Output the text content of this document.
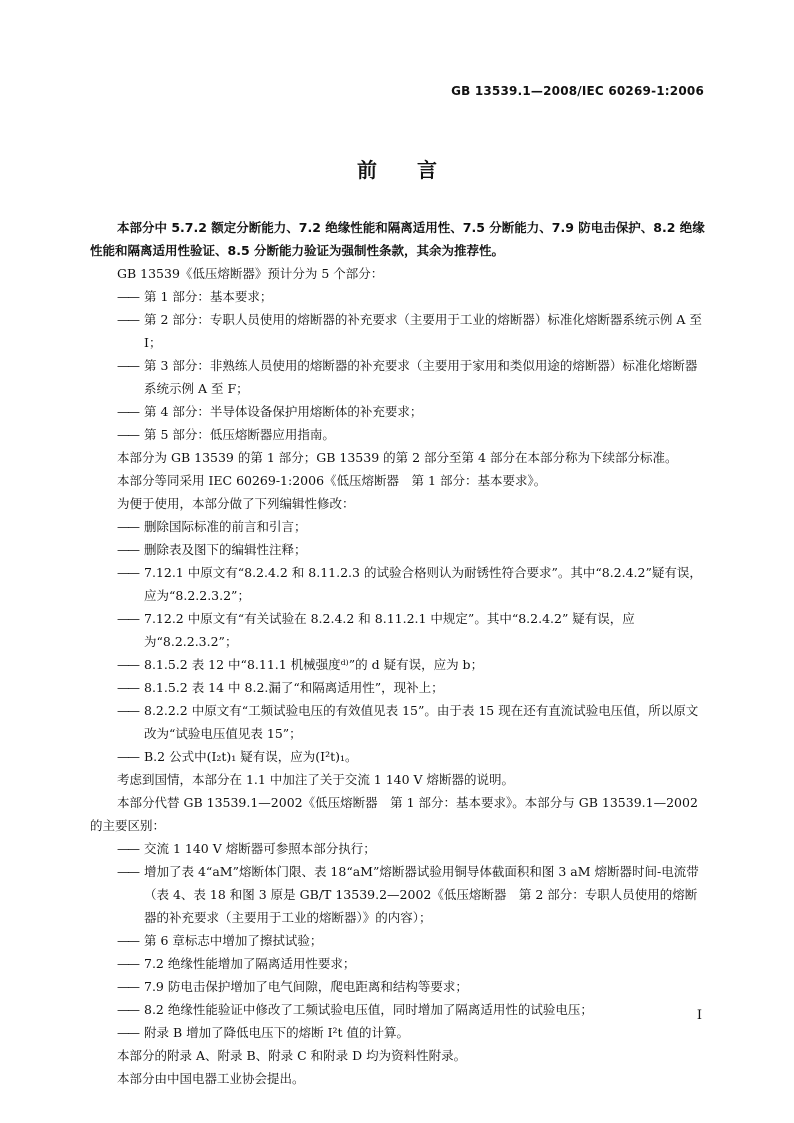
GB 13539.1—2008/IEC 60269-1:2006
前言

本部分中 5.7.2 额定分断能力、7.2 绝缘性能和隔离适用性、7.5 分断能力、7.9 防电击保护、8.2 绝缘性能和隔离适用性验证、8.5 分断能力验证为强制性条款，其余为推荐性。

GB 13539《低压熔断器》预计分为 5 个部分：

—— 第 1 部分：基本要求；

—— 第 2 部分：专职人员使用的熔断器的补充要求（主要用于工业的熔断器）标准化熔断器系统示例 A 至 I；

—— 第 3 部分：非熟练人员使用的熔断器的补充要求（主要用于家用和类似用途的熔断器）标准化熔断器系统示例 A 至 F；

—— 第 4 部分：半导体设备保护用熔断体的补充要求；

—— 第 5 部分：低压熔断器应用指南。

本部分为 GB 13539 的第 1 部分；GB 13539 的第 2 部分至第 4 部分在本部分称为下续部分标准。

本部分等同采用 IEC 60269-1:2006《低压熔断器　第 1 部分：基本要求》。

为便于使用，本部分做了下列编辑性修改：

—— 删除国际标准的前言和引言；

—— 删除表及图下的编辑性注释；

—— 7.12.1 中原文有“8.2.4.2 和 8.11.2.3 的试验合格则认为耐锈性符合要求”。其中“8.2.4.2”疑有误，应为“8.2.2.3.2”；

—— 7.12.2 中原文有“有关试验在 8.2.4.2 和 8.11.2.1 中规定”。其中“8.2.4.2” 疑有误，应为“8.2.2.3.2”；

—— 8.1.5.2 表 12 中“8.11.1 机械强度ᵈ⁾”的 d 疑有误，应为 b；

—— 8.1.5.2 表 14 中 8.2.漏了“和隔离适用性”，现补上；

—— 8.2.2.2 中原文有“工频试验电压的有效值见表 15”。由于表 15 现在还有直流试验电压值，所以原文改为“试验电压值见表 15”；

—— B.2 公式中(I₂t)₁ 疑有误，应为(I²t)₁。

考虑到国情，本部分在 1.1 中加注了关于交流 1 140 V 熔断器的说明。

本部分代替 GB 13539.1—2002《低压熔断器　第 1 部分：基本要求》。本部分与 GB 13539.1—2002 的主要区别：

—— 交流 1 140 V 熔断器可参照本部分执行；

—— 增加了表 4“aM”熔断体门限、表 18“aM”熔断器试验用铜导体截面积和图 3 aM 熔断器时间-电流带（表 4、表 18 和图 3 原是 GB/T 13539.2—2002《低压熔断器　第 2 部分：专职人员使用的熔断器的补充要求（主要用于工业的熔断器）》的内容）；

—— 第 6 章标志中增加了擦拭试验；

—— 7.2 绝缘性能增加了隔离适用性要求；

—— 7.9 防电击保护增加了电气间隙，爬电距离和结构等要求；

—— 8.2 绝缘性能验证中修改了工频试验电压值，同时增加了隔离适用性的试验电压；

—— 附录 B 增加了降低电压下的熔断 I²t 值的计算。

本部分的附录 A、附录 B、附录 C 和附录 D 均为资料性附录。

本部分由中国电器工业协会提出。

I
